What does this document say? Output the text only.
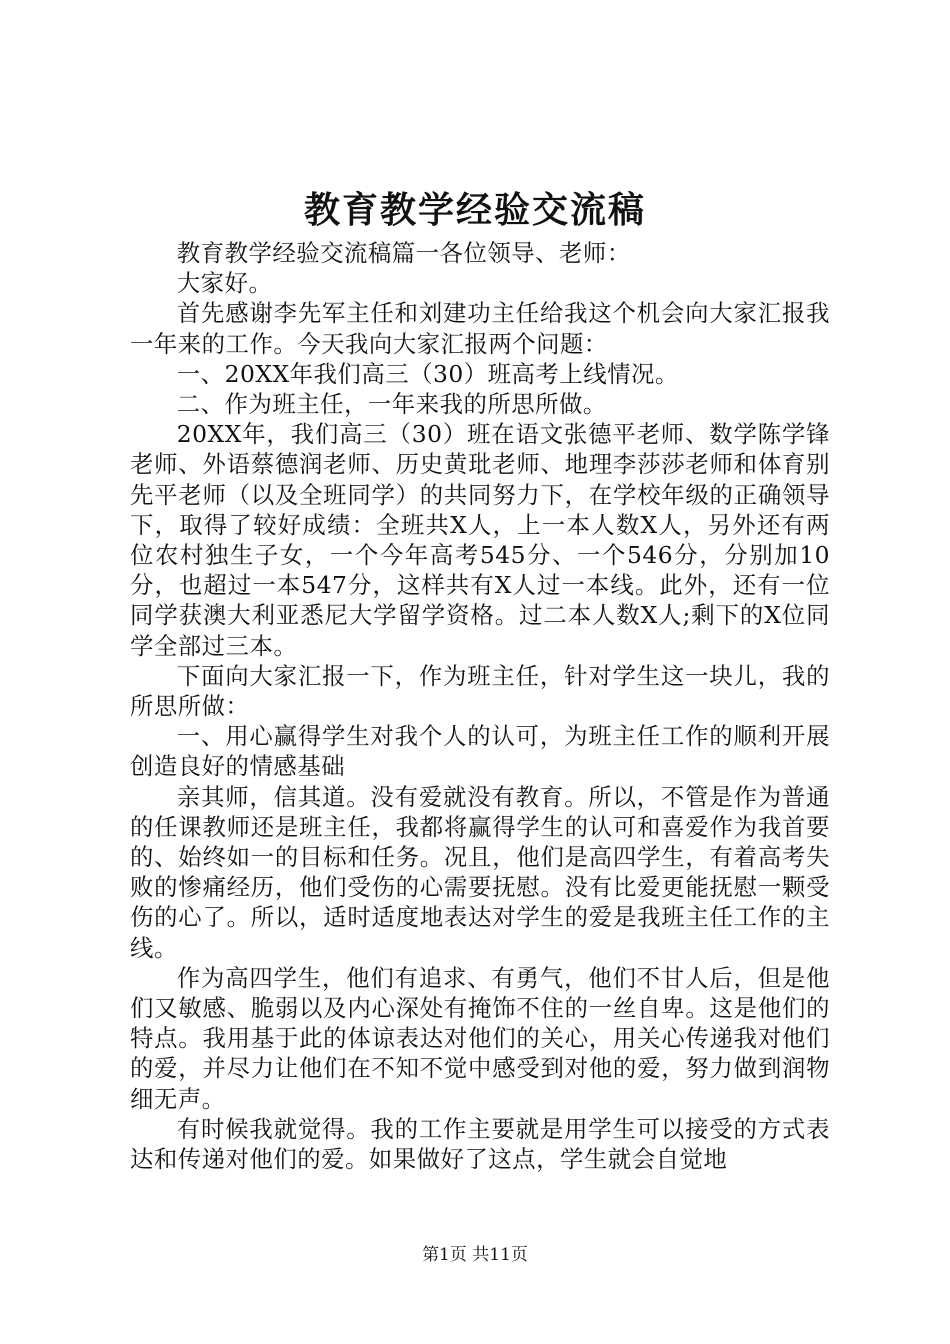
教育教学经验交流稿

教育教学经验交流稿篇一各位领导、老师：

大家好。

首先感谢李先军主任和刘建功主任给我这个机会向大家汇报我一年来的工作。今天我向大家汇报两个问题：

一、20XX年我们高三（30）班高考上线情况。

二、作为班主任，一年来我的所思所做。

20XX年，我们高三（30）班在语文张德平老师、数学陈学锋老师、外语蔡德润老师、历史黄玭老师、地理李莎莎老师和体育别先平老师（以及全班同学）的共同努力下，在学校年级的正确领导下，取得了较好成绩：全班共X人，上一本人数X人，另外还有两位农村独生子女，一个今年高考545分、一个546分，分别加10分，也超过一本547分，这样共有X人过一本线。此外，还有一位同学获澳大利亚悉尼大学留学资格。过二本人数X人;剩下的X位同学全部过三本。

下面向大家汇报一下，作为班主任，针对学生这一块儿，我的所思所做：

一、用心赢得学生对我个人的认可，为班主任工作的顺利开展创造良好的情感基础

亲其师，信其道。没有爱就没有教育。所以，不管是作为普通的任课教师还是班主任，我都将赢得学生的认可和喜爱作为我首要的、始终如一的目标和任务。况且，他们是高四学生，有着高考失败的惨痛经历，他们受伤的心需要抚慰。没有比爱更能抚慰一颗受伤的心了。所以，适时适度地表达对学生的爱是我班主任工作的主线。

作为高四学生，他们有追求、有勇气，他们不甘人后，但是他们又敏感、脆弱以及内心深处有掩饰不住的一丝自卑。这是他们的特点。我用基于此的体谅表达对他们的关心，用关心传递我对他们的爱，并尽力让他们在不知不觉中感受到对他的爱，努力做到润物细无声。

有时候我就觉得。我的工作主要就是用学生可以接受的方式表达和传递对他们的爱。如果做好了这点，学生就会自觉地

第1页 共11页
